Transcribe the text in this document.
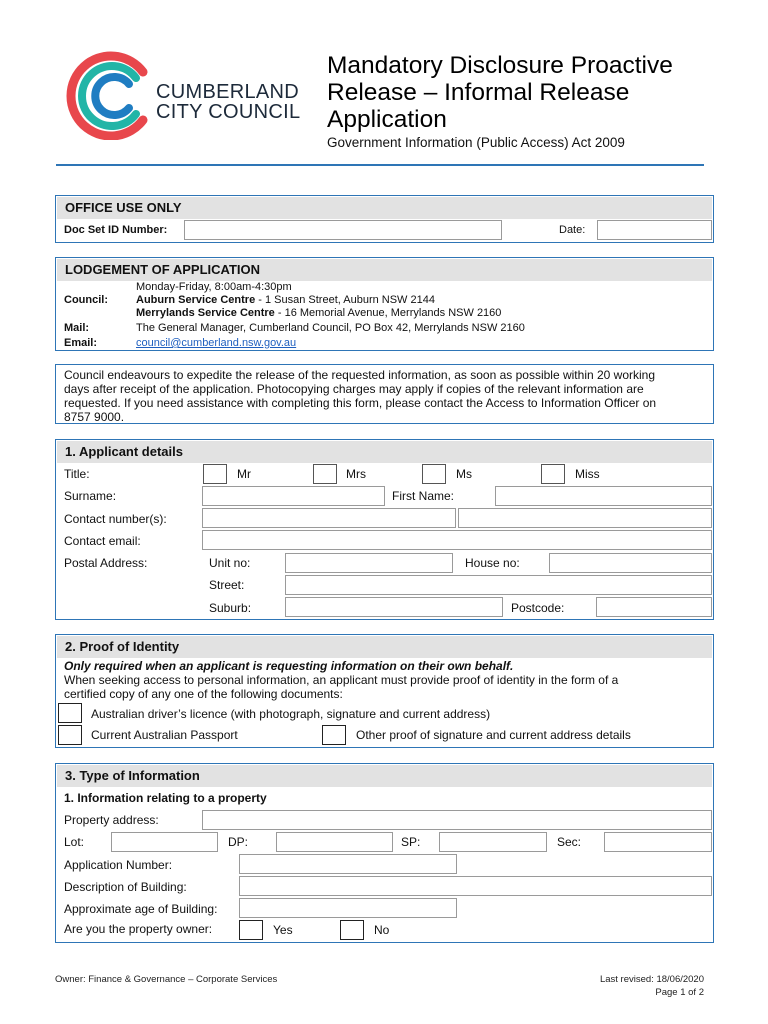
CUMBERLAND
CITY COUNCIL
Mandatory Disclosure Proactive
Release – Informal Release
Application
Government Information (Public Access) Act 2009
OFFICE USE ONLY
Doc Set ID Number:	Date:
LODGEMENT OF APPLICATION
Monday-Friday, 8:00am-4:30pm
Council:	Auburn Service Centre - 1 Susan Street, Auburn NSW 2144
Merrylands Service Centre - 16 Memorial Avenue, Merrylands NSW 2160
Mail:	The General Manager, Cumberland Council, PO Box 42, Merrylands NSW 2160
Email:	council@cumberland.nsw.gov.au
Council endeavours to expedite the release of the requested information, as soon as possible within 20 working
days after receipt of the application. Photocopying charges may apply if copies of the relevant information are
requested. If you need assistance with completing this form, please contact the Access to Information Officer on
8757 9000.
1. Applicant details
Title:	Mr	Mrs	Ms	Miss
Surname:	First Name:
Contact number(s):
Contact email:
Postal Address:	Unit no:	House no:
Street:
Suburb:	Postcode:
2. Proof of Identity
Only required when an applicant is requesting information on their own behalf.
When seeking access to personal information, an applicant must provide proof of identity in the form of a
certified copy of any one of the following documents:
Australian driver’s licence (with photograph, signature and current address)
Current Australian Passport	Other proof of signature and current address details
3. Type of Information
1. Information relating to a property
Property address:
Lot:	DP:	SP:	Sec:
Application Number:
Description of Building:
Approximate age of Building:
Are you the property owner:	Yes	No
Owner: Finance & Governance – Corporate Services	Last revised: 18/06/2020
Page 1 of 2
